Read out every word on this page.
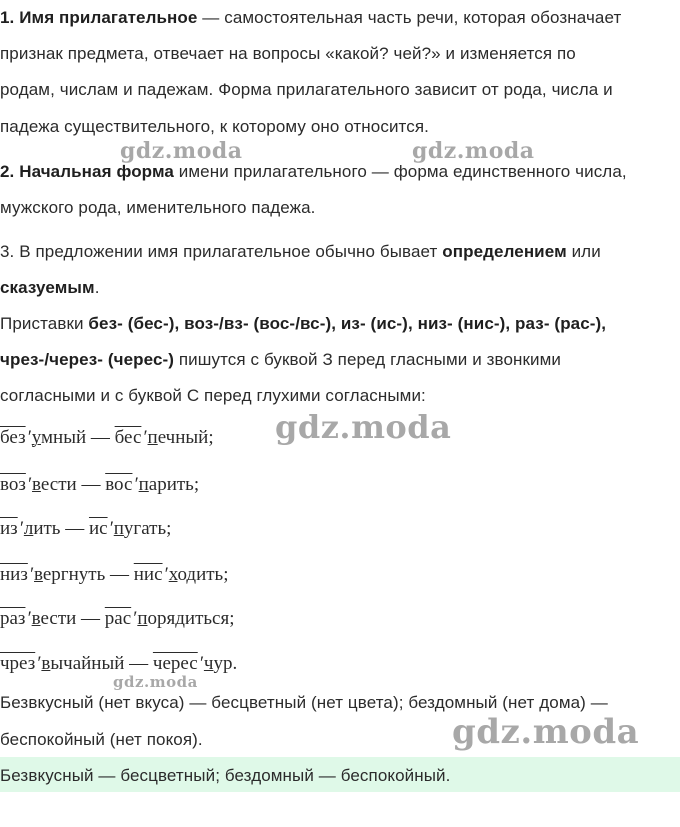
1. Имя прилагательное — самостоятельная часть речи, которая обозначает
признак предмета, отвечает на вопросы «какой? чей?» и изменяется по
родам, числам и падежам. Форма прилагательного зависит от рода, числа и
падежа существительного, к которому оно относится.
2. Начальная форма имени прилагательного — форма единственного числа,
мужского рода, именительного падежа.
3. В предложении имя прилагательное обычно бывает определением или
сказуемым.
Приставки без- (бес-), воз-/вз- (вос-/вс-), из- (ис-), низ- (нис-), раз- (рас-),
чрез-/через- (черес-) пишутся с буквой З перед гласными и звонкими
согласными и с буквой С перед глухими согласными:
без′умный — бес′печный;
воз′вести — вос′парить;
из′лить — ис′пугать;
низ′вергнуть — нис′ходить;
раз′вести — рас′порядиться;
чрез′вычайный — черес′чур.
Безвкусный (нет вкуса) — бесцветный (нет цвета); бездомный (нет дома) —
беспокойный (нет покоя).
Безвкусный — бесцветный; бездомный — беспокойный.
gdz.moda	gdz.moda
gdz.moda
gdz.moda
gdz.moda
